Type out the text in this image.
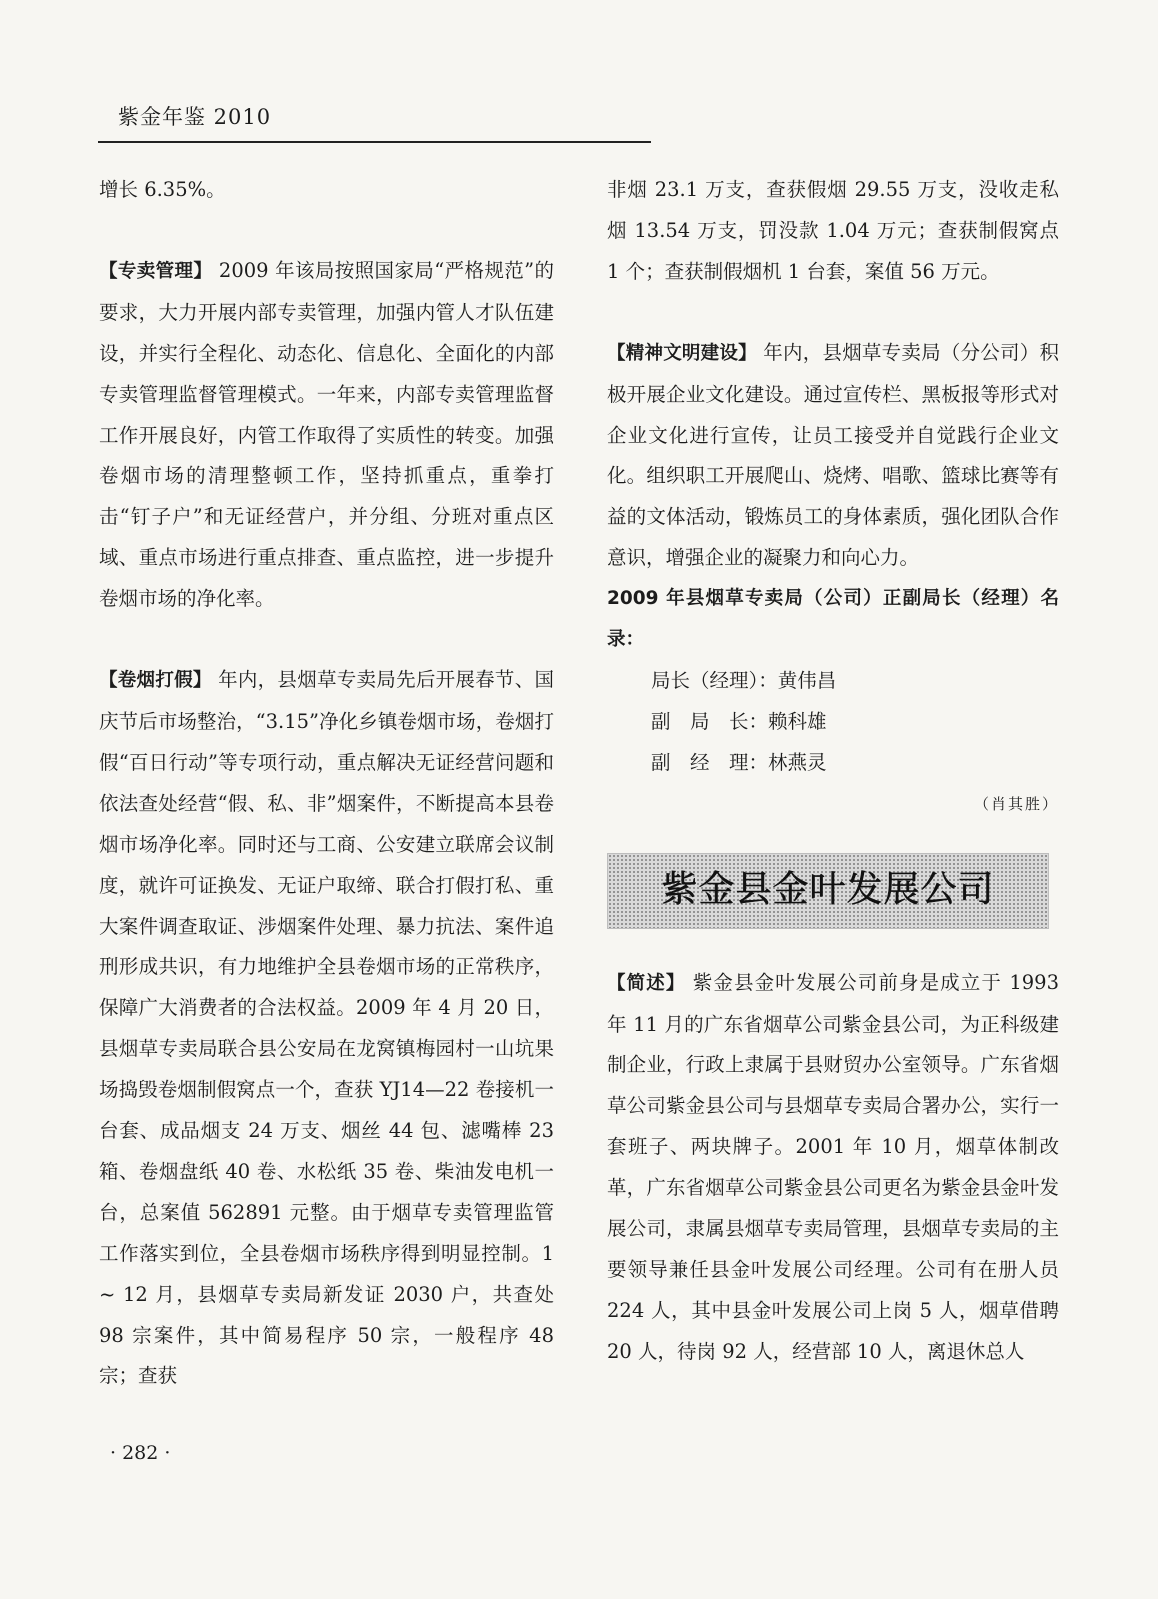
紫金年鉴 2010

增长 6.35%。

【专卖管理】 2009 年该局按照国家局“严格规范”的要求，大力开展内部专卖管理，加强内管人才队伍建设，并实行全程化、动态化、信息化、全面化的内部专卖管理监督管理模式。一年来，内部专卖管理监督工作开展良好，内管工作取得了实质性的转变。加强卷烟市场的清理整顿工作，坚持抓重点，重拳打击“钉子户”和无证经营户，并分组、分班对重点区域、重点市场进行重点排查、重点监控，进一步提升卷烟市场的净化率。

【卷烟打假】 年内，县烟草专卖局先后开展春节、国庆节后市场整治，“3.15”净化乡镇卷烟市场，卷烟打假“百日行动”等专项行动，重点解决无证经营问题和依法查处经营“假、私、非”烟案件，不断提高本县卷烟市场净化率。同时还与工商、公安建立联席会议制度，就许可证换发、无证户取缔、联合打假打私、重大案件调查取证、涉烟案件处理、暴力抗法、案件追刑形成共识，有力地维护全县卷烟市场的正常秩序，保障广大消费者的合法权益。2009 年 4 月 20 日，县烟草专卖局联合县公安局在龙窝镇梅园村一山坑果场捣毁卷烟制假窝点一个，查获 YJ14—22 卷接机一台套、成品烟支 24 万支、烟丝 44 包、滤嘴棒 23 箱、卷烟盘纸 40 卷、水松纸 35 卷、柴油发电机一台，总案值 562891 元整。由于烟草专卖管理监管工作落实到位，全县卷烟市场秩序得到明显控制。1 ~ 12 月，县烟草专卖局新发证 2030 户，共查处 98 宗案件，其中简易程序 50 宗，一般程序 48 宗；查获

非烟 23.1 万支，查获假烟 29.55 万支，没收走私烟 13.54 万支，罚没款 1.04 万元；查获制假窝点 1 个；查获制假烟机 1 台套，案值 56 万元。

【精神文明建设】 年内，县烟草专卖局（分公司）积极开展企业文化建设。通过宣传栏、黑板报等形式对企业文化进行宣传，让员工接受并自觉践行企业文化。组织职工开展爬山、烧烤、唱歌、篮球比赛等有益的文体活动，锻炼员工的身体素质，强化团队合作意识，增强企业的凝聚力和向心力。

2009 年县烟草专卖局（公司）正副局长（经理）名录：

局长（经理）：黄伟昌

副　局　长：赖科雄

副　经　理：林燕灵

（肖其胜）

紫金县金叶发展公司

【简述】 紫金县金叶发展公司前身是成立于 1993 年 11 月的广东省烟草公司紫金县公司，为正科级建制企业，行政上隶属于县财贸办公室领导。广东省烟草公司紫金县公司与县烟草专卖局合署办公，实行一套班子、两块牌子。2001 年 10 月，烟草体制改革，广东省烟草公司紫金县公司更名为紫金县金叶发展公司，隶属县烟草专卖局管理，县烟草专卖局的主要领导兼任县金叶发展公司经理。公司有在册人员 224 人，其中县金叶发展公司上岗 5 人，烟草借聘 20 人，待岗 92 人，经营部 10 人，离退休总人

· 282 ·
